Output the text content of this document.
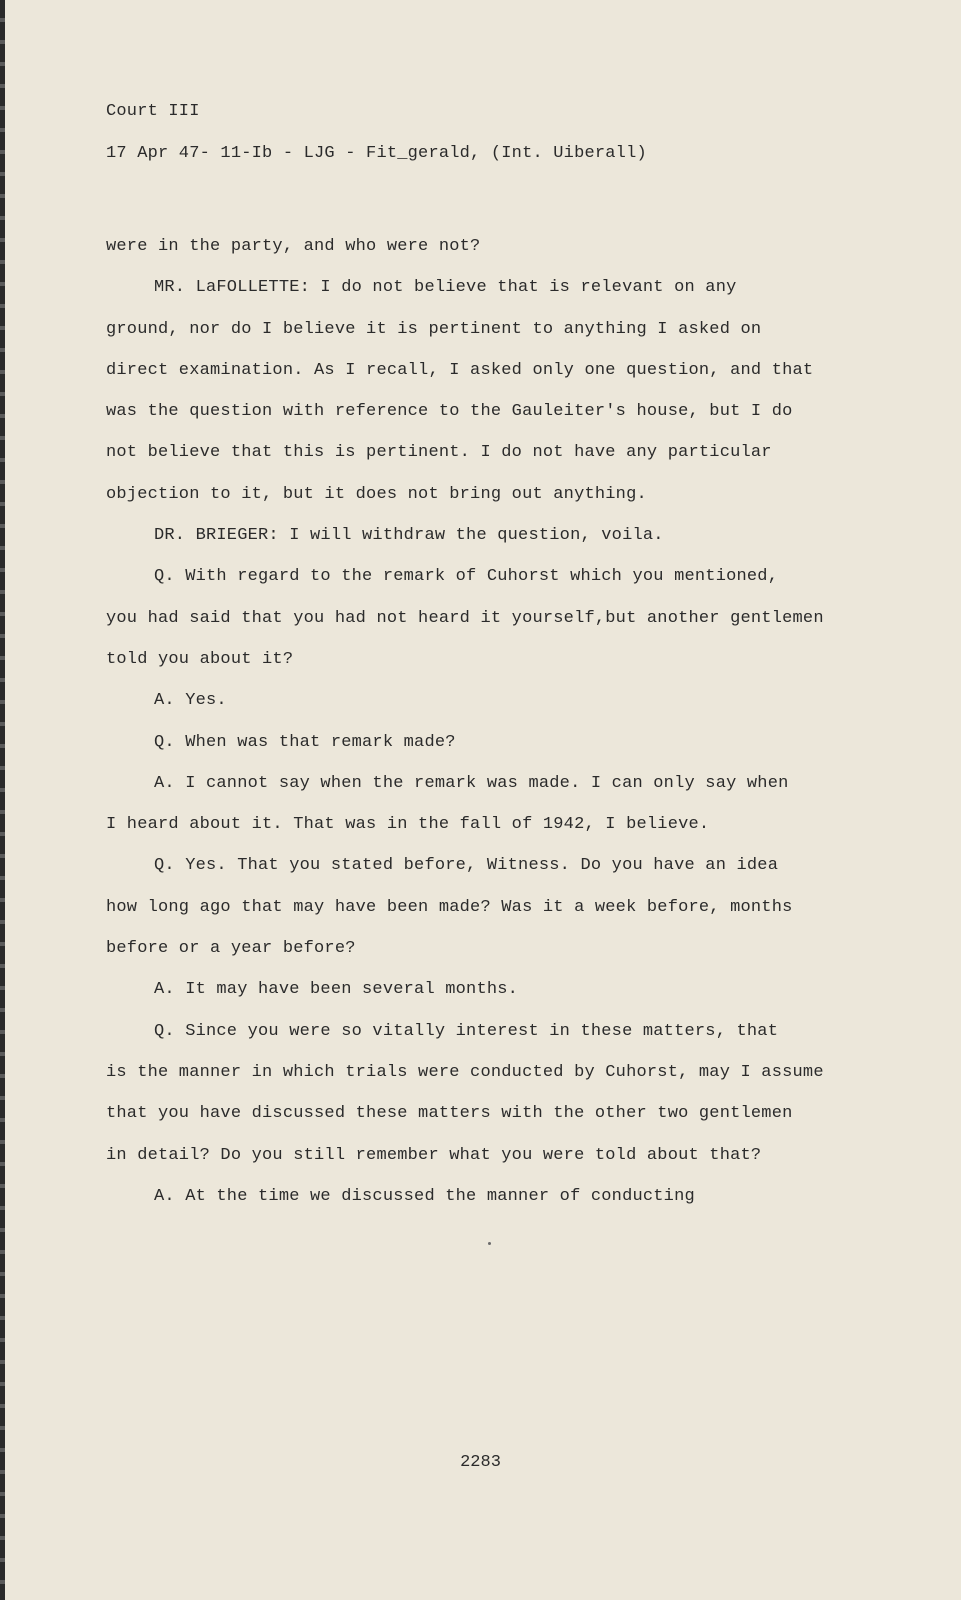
Court III

17 Apr 47- 11-Ib - LJG - Fit_gerald, (Int. Uiberall)

were in the party, and who were not?
MR. LaFOLLETTE: I do not believe that is relevant on any
ground, nor do I believe it is pertinent to anything I asked on
direct examination. As I recall, I asked only one question, and that
was the question with reference to the Gauleiter's house, but I do
not believe that this is pertinent. I do not have any particular
objection to it, but it does not bring out anything.
DR. BRIEGER: I will withdraw the question, voila.
Q. With regard to the remark of Cuhorst which you mentioned,
you had said that you had not heard it yourself,but another gentlemen
told you about it?
A. Yes.
Q. When was that remark made?
A. I cannot say when the remark was made. I can only say when
I heard about it. That was in the fall of 1942, I believe.
Q. Yes. That you stated before, Witness. Do you have an idea
how long ago that may have been made? Was it a week before, months
before or a year before?
A. It may have been several months.
Q. Since you were so vitally interest in these matters, that
is the manner in which trials were conducted by Cuhorst, may I assume
that you have discussed these matters with the other two gentlemen
in detail? Do you still remember what you were told about that?
A. At the time we discussed the manner of conducting
2283
